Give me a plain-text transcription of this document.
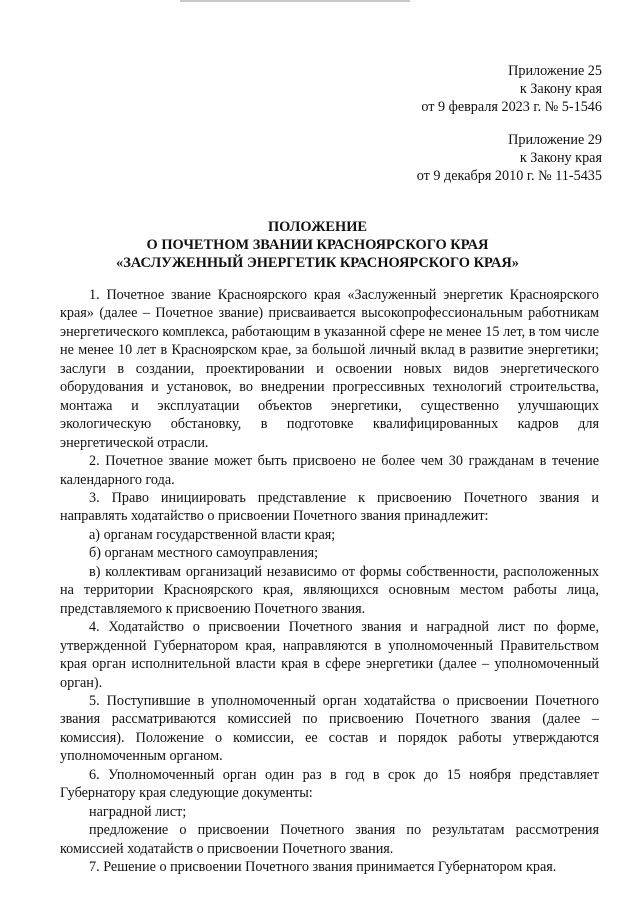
Приложение 25
к Закону края
от 9 февраля 2023 г. № 5-1546
Приложение 29
к Закону края
от 9 декабря 2010 г. № 11-5435
ПОЛОЖЕНИЕ
О ПОЧЕТНОМ ЗВАНИИ КРАСНОЯРСКОГО КРАЯ
«ЗАСЛУЖЕННЫЙ ЭНЕРГЕТИК КРАСНОЯРСКОГО КРАЯ»

1. Почетное звание Красноярского края «Заслуженный энергетик Красноярского края» (далее – Почетное звание) присваивается высокопрофессиональным работникам энергетического комплекса, работающим в указанной сфере не менее 15 лет, в том числе не менее 10 лет в Красноярском крае, за большой личный вклад в развитие энергетики; заслуги в создании, проектировании и освоении новых видов энергетического оборудования и установок, во внедрении прогрессивных технологий строительства, монтажа и эксплуатации объектов энергетики, существенно улучшающих экологическую обстановку, в подготовке квалифицированных кадров для энергетической отрасли.

2. Почетное звание может быть присвоено не более чем 30 гражданам в течение календарного года.

3. Право инициировать представление к присвоению Почетного звания и направлять ходатайство о присвоении Почетного звания принадлежит:

а) органам государственной власти края;

б) органам местного самоуправления;

в) коллективам организаций независимо от формы собственности, расположенных на территории Красноярского края, являющихся основным местом работы лица, представляемого к присвоению Почетного звания.

4. Ходатайство о присвоении Почетного звания и наградной лист по форме, утвержденной Губернатором края, направляются в уполномоченный Правительством края орган исполнительной власти края в сфере энергетики (далее – уполномоченный орган).

5. Поступившие в уполномоченный орган ходатайства о присвоении Почетного звания рассматриваются комиссией по присвоению Почетного звания (далее – комиссия). Положение о комиссии, ее состав и порядок работы утверждаются уполномоченным органом.

6. Уполномоченный орган один раз в год в срок до 15 ноября представляет Губернатору края следующие документы:

наградной лист;

предложение о присвоении Почетного звания по результатам рассмотрения комиссией ходатайств о присвоении Почетного звания.

7. Решение о присвоении Почетного звания принимается Губернатором края.
